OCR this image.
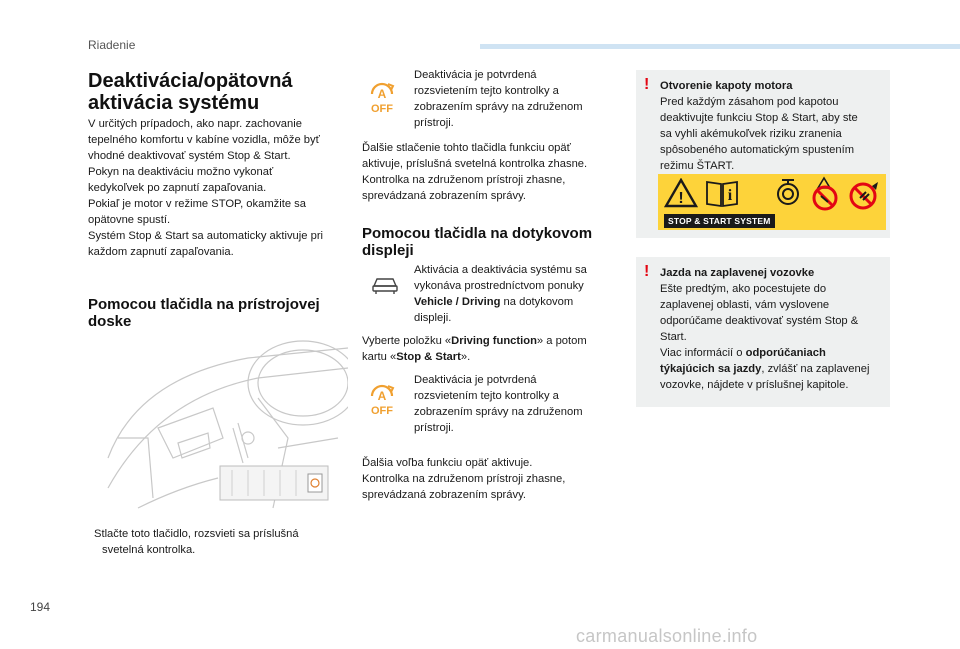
Riadenie
Deaktivácia/opätovná
aktivácia systému

V určitých prípadoch, ako napr. zachovanie

tepelného komfortu v kabíne vozidla, môže byť

vhodné deaktivovať systém Stop & Start.

Pokyn na deaktiváciu možno vykonať

kedykoľvek po zapnutí zapaľovania.

Pokiaľ je motor v režime STOP, okamžite sa

opätovne spustí.

Systém Stop & Start sa automaticky aktivuje pri

každom zapnutí zapaľovania.

Pomocou tlačidla na prístrojovej
doske
Stlačte toto tlačidlo, rozsvieti sa príslušná
svetelná kontrolka.
A
OFF

Deaktivácia je potvrdená

rozsvietením tejto kontrolky a

zobrazením správy na združenom

prístroji.

Ďalšie stlačenie tohto tlačidla funkciu opäť

aktivuje, príslušná svetelná kontrolka zhasne.

Kontrolka na združenom prístroji zhasne,

sprevádzaná zobrazením správy.

Pomocou tlačidla na dotykovom
displeji

Aktivácia a deaktivácia systému sa

vykonáva prostredníctvom ponuky

Vehicle / Driving na dotykovom

displeji.

Vyberte položku «Driving function» a potom

kartu «Stop & Start».

A
OFF

Deaktivácia je potvrdená

rozsvietením tejto kontrolky a

zobrazením správy na združenom

prístroji.

Ďalšia voľba funkciu opäť aktivuje.

Kontrolka na združenom prístroji zhasne,

sprevádzaná zobrazením správy.

! Otvorenie kapoty motora

Pred každým zásahom pod kapotou

deaktivujte funkciu Stop & Start, aby ste

sa vyhli akémukoľvek riziku zranenia

spôsobeného automatickým spustením

režimu ŠTART.

!	i
STOP & START SYSTEM
! Jazda na zaplavenej vozovke

Ešte predtým, ako pocestujete do

zaplavenej oblasti, vám vyslovene

odporúčame deaktivovať systém Stop &

Start.

Viac informácií o odporúčaniach

týkajúcich sa jazdy, zvlášť na zaplavenej

vozovke, nájdete v príslušnej kapitole.

194
carmanualsonline.info
